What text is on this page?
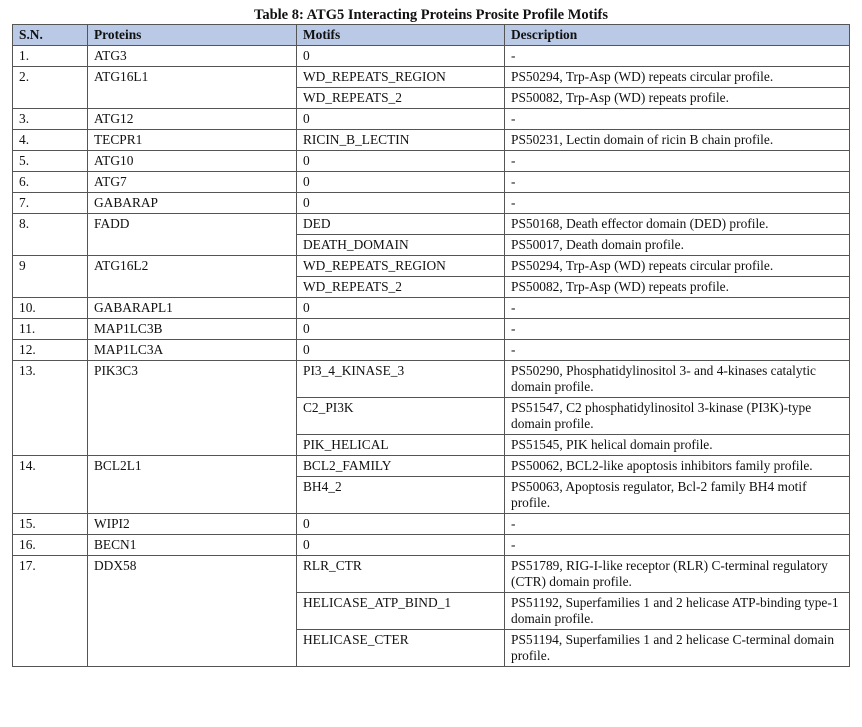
Table 8: ATG5 Interacting Proteins Prosite Profile Motifs
S.N.	Proteins	Motifs	Description
1.	ATG3	0	-
2.	ATG16L1	WD_REPEATS_REGION	PS50294, Trp-Asp (WD) repeats circular profile.
		WD_REPEATS_2	PS50082, Trp-Asp (WD) repeats profile.
3.	ATG12	0	-
4.	TECPR1	RICIN_B_LECTIN	PS50231, Lectin domain of ricin B chain profile.
5.	ATG10	0	-
6.	ATG7	0	-
7.	GABARAP	0	-
8.	FADD	DED	PS50168, Death effector domain (DED) profile.
		DEATH_DOMAIN	PS50017, Death domain profile.
9	ATG16L2	WD_REPEATS_REGION	PS50294, Trp-Asp (WD) repeats circular profile.
		WD_REPEATS_2	PS50082, Trp-Asp (WD) repeats profile.
10.	GABARAPL1	0	-
11.	MAP1LC3B	0	-
12.	MAP1LC3A	0	-
13.	PIK3C3	PI3_4_KINASE_3	PS50290, Phosphatidylinositol 3- and 4-kinases catalytic domain profile.
		C2_PI3K	PS51547, C2 phosphatidylinositol 3-kinase (PI3K)-type domain profile.
		PIK_HELICAL	PS51545, PIK helical domain profile.
14.	BCL2L1	BCL2_FAMILY	PS50062, BCL2-like apoptosis inhibitors family profile.
		BH4_2	PS50063, Apoptosis regulator, Bcl-2 family BH4 motif profile.
15.	WIPI2	0	-
16.	BECN1	0	-
17.	DDX58	RLR_CTR	PS51789, RIG-I-like receptor (RLR) C-terminal regulatory (CTR) domain profile.
		HELICASE_ATP_BIND_1	PS51192, Superfamilies 1 and 2 helicase ATP-binding type-1 domain profile.
		HELICASE_CTER	PS51194, Superfamilies 1 and 2 helicase C-terminal domain profile.
